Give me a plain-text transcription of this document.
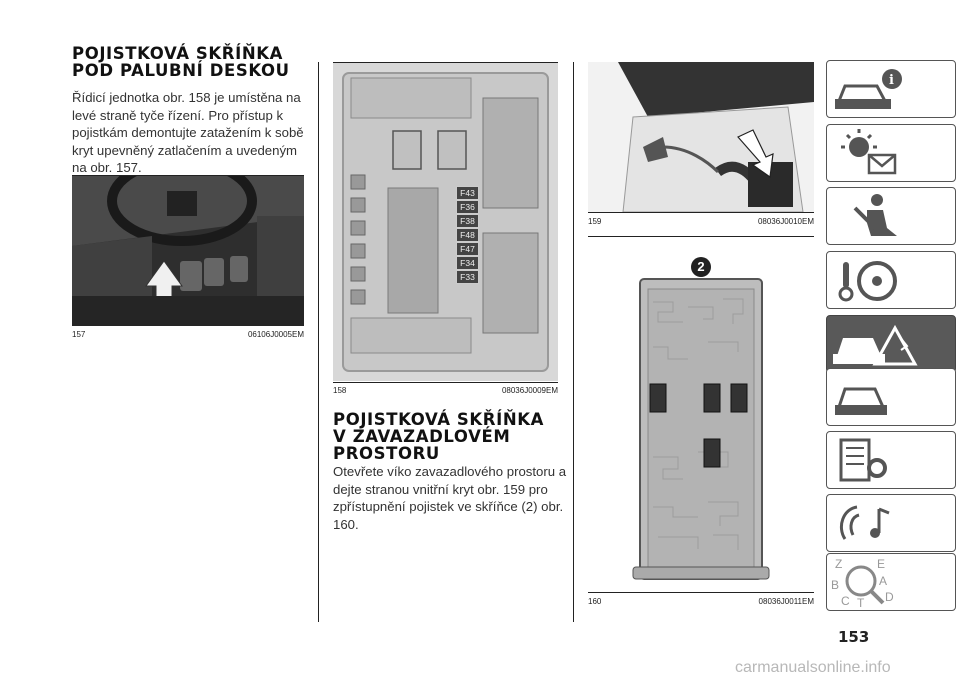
POJISTKOVÁ SKŘÍŇKA
POD PALUBNÍ DESKOU

Řídicí jednotka obr. 158 je umístěna na levé straně tyče řízení. Pro přístup k pojistkám demontujte zatažením k sobě kryt upevněný zatlačením a uvedeným na obr. 157.

157	06106J0005EM
F43
F36
F38
F48
F47
F34
F33
158	08036J0009EM
POJISTKOVÁ SKŘÍŇKA
V ZAVAZADLOVÉM
PROSTORU

Otevřete víko zavazadlového prostoru a dejte stranou vnitřní kryt obr. 159 pro zpřístupnění pojistek ve skříňce (2) obr. 160.

159	08036J0010EM
2
160	08036J0011EM
i
Z	E
B	A
C T D
153
carmanualsonline.info
